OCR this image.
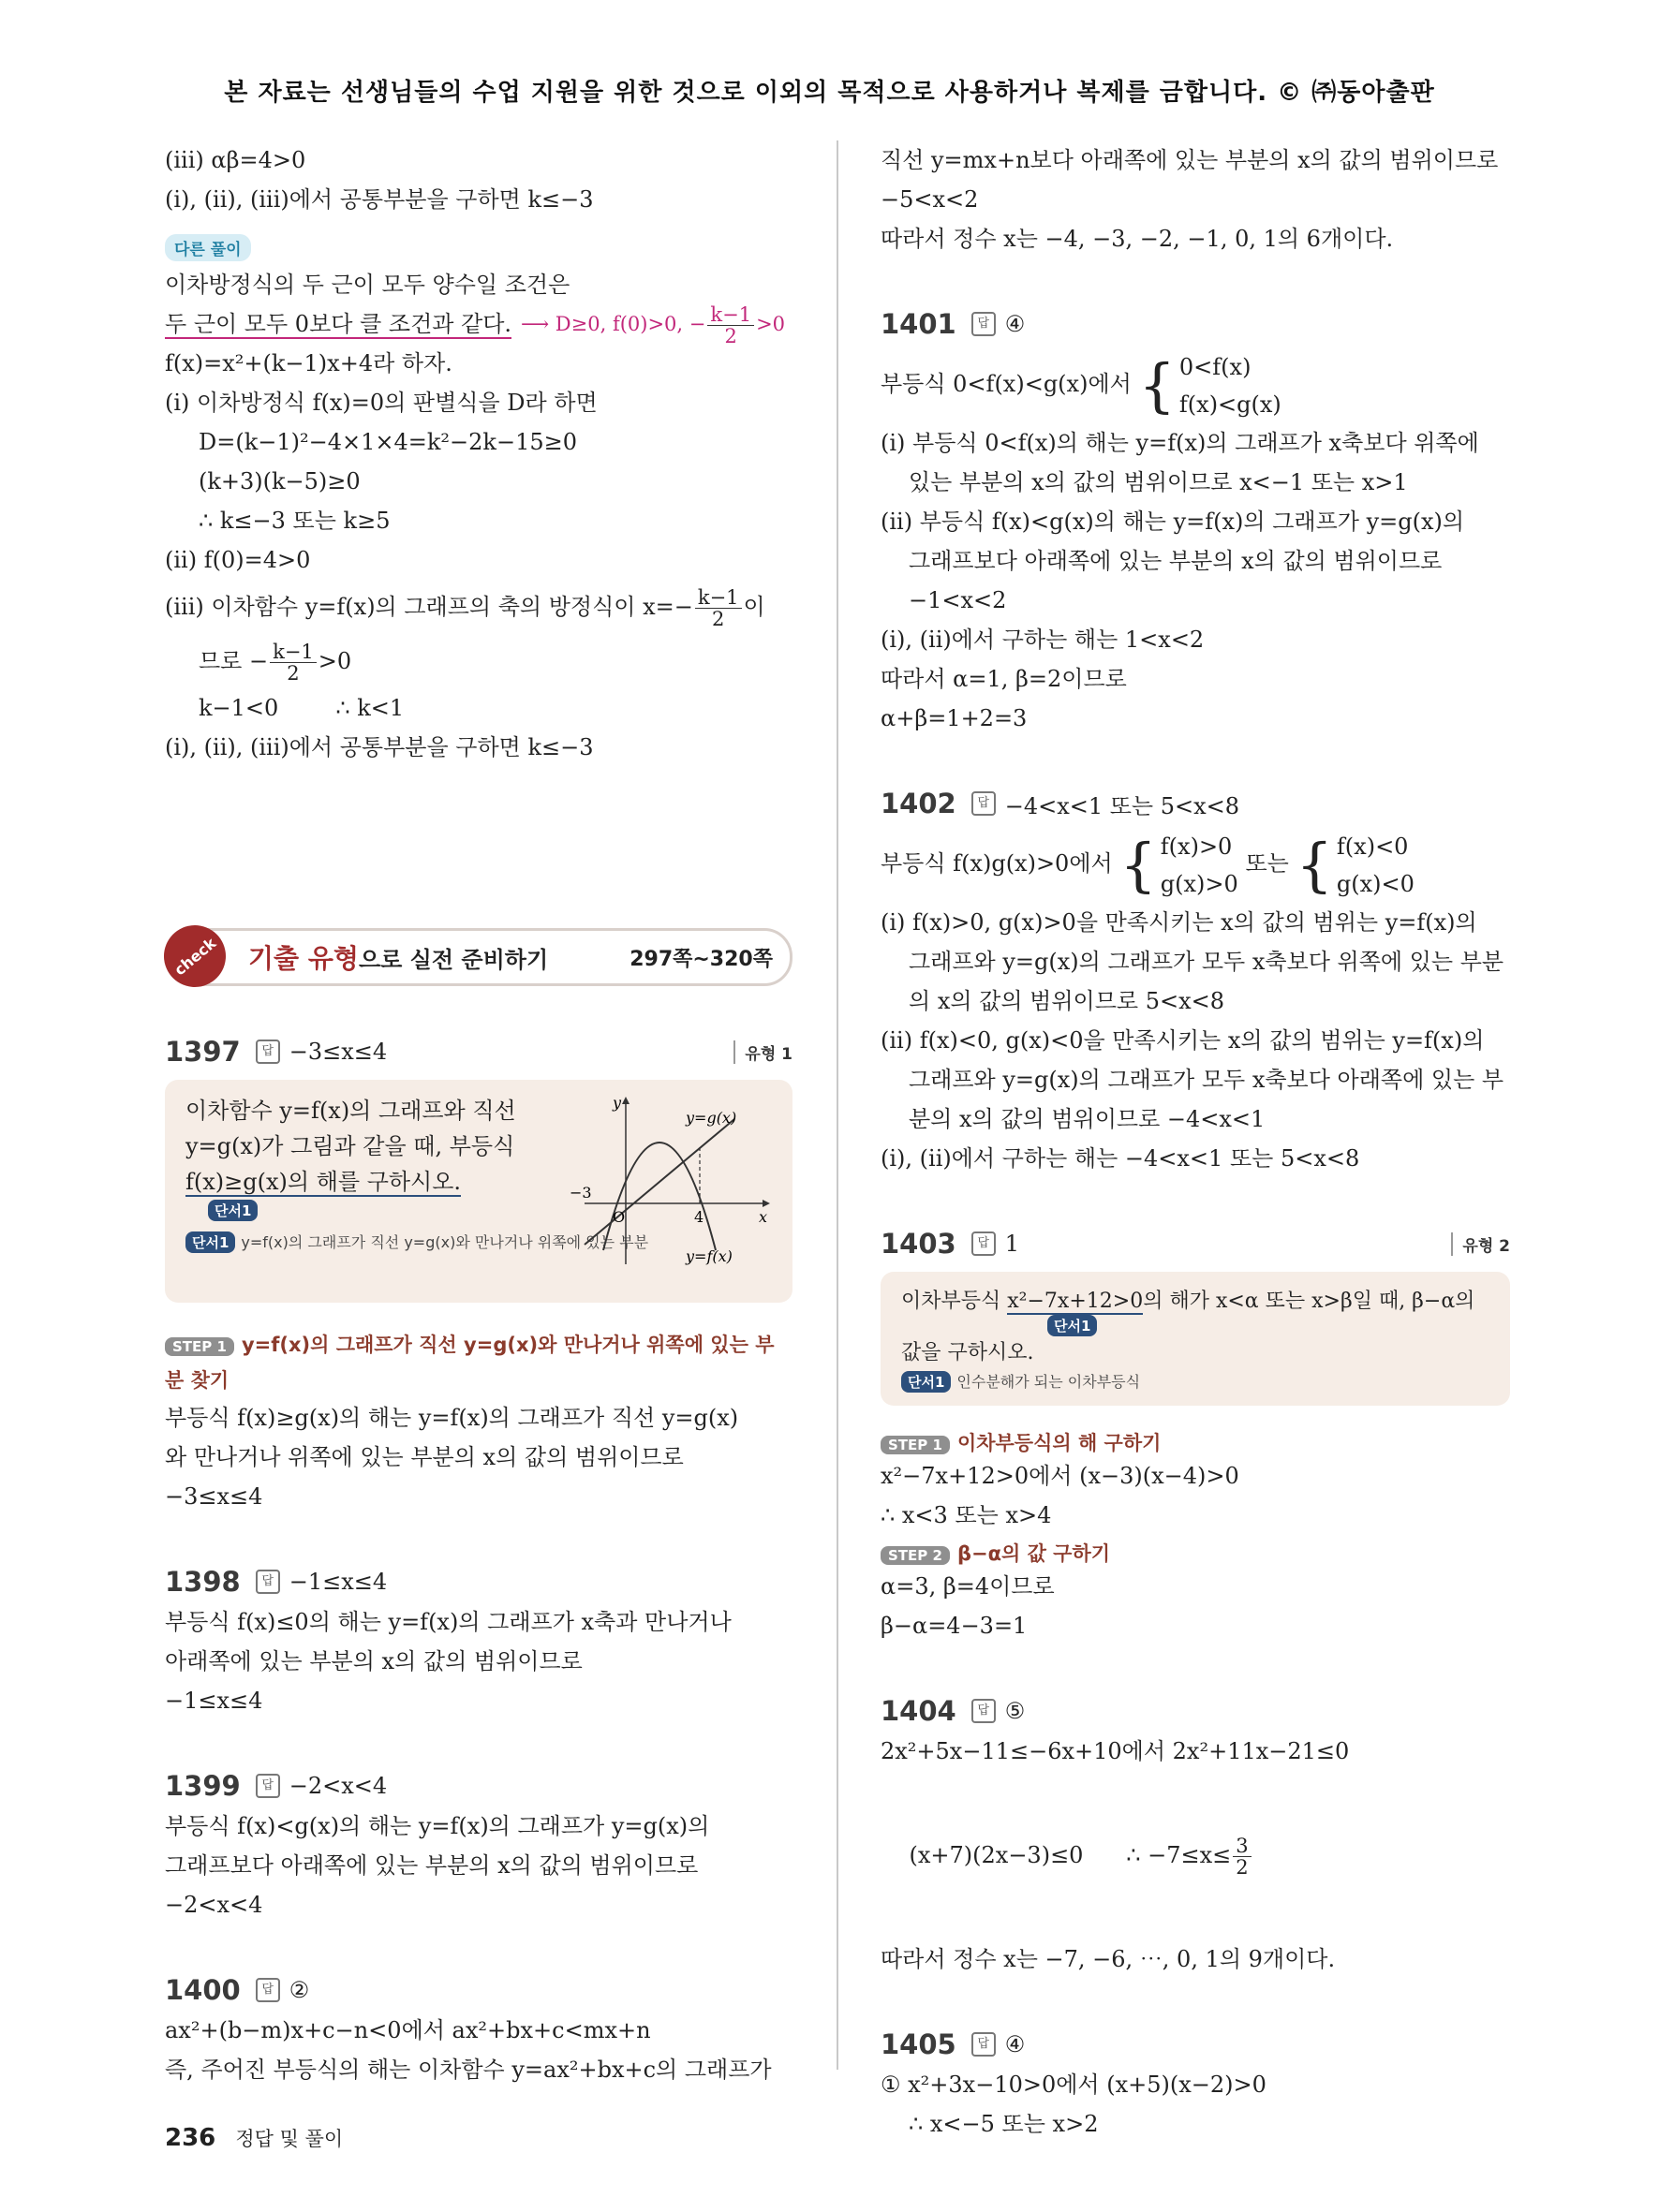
본 자료는 선생님들의 수업 지원을 위한 것으로 이외의 목적으로 사용하거나 복제를 금합니다. © ㈜동아출판
(iii) αβ=4>0
(i), (ii), (iii)에서 공통부분을 구하면 k≤−3
다른 풀이
이차방정식의 두 근이 모두 양수일 조건은
두 근이 모두 0보다 클 조건과 같다. ⟶ D≥0, f(0)>0, − $\frac{k-1}{2} >0$
f(x)=x²+(k−1)x+4라 하자.
(i) 이차방정식 f(x)=0의 판별식을 D라 하면
D=(k−1)²−4×1×4=k²−2k−15≥0
(k+3)(k−5)≥0
∴ k≤−3 또는 k≥5
(ii) f(0)=4>0
(iii) 이차함수 y=f(x)의 그래프의 축의 방정식이 $x=- \frac{k-1}{2}$ 이
므로 − $\frac{k-1}{2} >0$
k−1<0        ∴ k<1
(i), (ii), (iii)에서 공통부분을 구하면 k≤−3
check	기출 유형으로 실전 준비하기	297쪽~320쪽
1397	답 −3≤x≤4	유형 1
이차함수 y=f(x)의 그래프와 직선
y=g(x)가 그림과 같을 때, 부등식
f(x)≥g(x)의 해를 구하시오.
단서1
단서1 y=f(x)의 그래프가 직선 y=g(x)와 만나거나 위쪽에 있는 부분
y
x
O
−3
4
y=g(x)
y=f(x)
STEP 1 y=f(x)의 그래프가 직선 y=g(x)와 만나거나 위쪽에 있는 부분 찾기
부등식 f(x)≥g(x)의 해는 y=f(x)의 그래프가 직선 y=g(x)
와 만나거나 위쪽에 있는 부분의 x의 값의 범위이므로
−3≤x≤4
1398	답 −1≤x≤4
부등식 f(x)≤0의 해는 y=f(x)의 그래프가 x축과 만나거나
아래쪽에 있는 부분의 x의 값의 범위이므로
−1≤x≤4
1399	답 −2<x<4
부등식 f(x)<g(x)의 해는 y=f(x)의 그래프가 y=g(x)의
그래프보다 아래쪽에 있는 부분의 x의 값의 범위이므로
−2<x<4
1400	답 ②
ax²+(b−m)x+c−n<0에서 ax²+bx+c<mx+n
즉, 주어진 부등식의 해는 이차함수 y=ax²+bx+c의 그래프가
직선 y=mx+n보다 아래쪽에 있는 부분의 x의 값의 범위이므로
−5<x<2
따라서 정수 x는 −4, −3, −2, −1, 0, 1의 6개이다.
1401	답 ④
부등식 0<f(x)<g(x)에서 { 0<f(x)
f(x)<g(x)
(i) 부등식 0<f(x)의 해는 y=f(x)의 그래프가 x축보다 위쪽에
있는 부분의 x의 값의 범위이므로 x<−1 또는 x>1
(ii) 부등식 f(x)<g(x)의 해는 y=f(x)의 그래프가 y=g(x)의
그래프보다 아래쪽에 있는 부분의 x의 값의 범위이므로
−1<x<2
(i), (ii)에서 구하는 해는 1<x<2
따라서 α=1, β=2이므로
α+β=1+2=3
1402	답 −4<x<1 또는 5<x<8
부등식 f(x)g(x)>0에서 { f(x)>0
g(x)>0
또는 { f(x)<0
g(x)<0
(i) f(x)>0, g(x)>0을 만족시키는 x의 값의 범위는 y=f(x)의
그래프와 y=g(x)의 그래프가 모두 x축보다 위쪽에 있는 부분
의 x의 값의 범위이므로 5<x<8
(ii) f(x)<0, g(x)<0을 만족시키는 x의 값의 범위는 y=f(x)의
그래프와 y=g(x)의 그래프가 모두 x축보다 아래쪽에 있는 부
분의 x의 값의 범위이므로 −4<x<1
(i), (ii)에서 구하는 해는 −4<x<1 또는 5<x<8
1403	답 1	유형 2
이차부등식 x²−7x+12>0의 해가 x<α 또는 x>β일 때, β−α의
단서1
값을 구하시오.
단서1 인수분해가 되는 이차부등식
STEP 1 이차부등식의 해 구하기
x²−7x+12>0에서 (x−3)(x−4)>0
∴ x<3 또는 x>4
STEP 2 β−α의 값 구하기
α=3, β=4이므로
β−α=4−3=1
1404	답 ⑤
2x²+5x−11≤−6x+10에서 2x²+11x−21≤0

(x+7)(2x−3)≤0      ∴ $-7\le x\le \frac{3}{2}$

따라서 정수 x는 −7, −6, ⋯, 0, 1의 9개이다.
1405	답 ④
① x²+3x−10>0에서 (x+5)(x−2)>0
∴ x<−5 또는 x>2
236 정답 및 풀이
